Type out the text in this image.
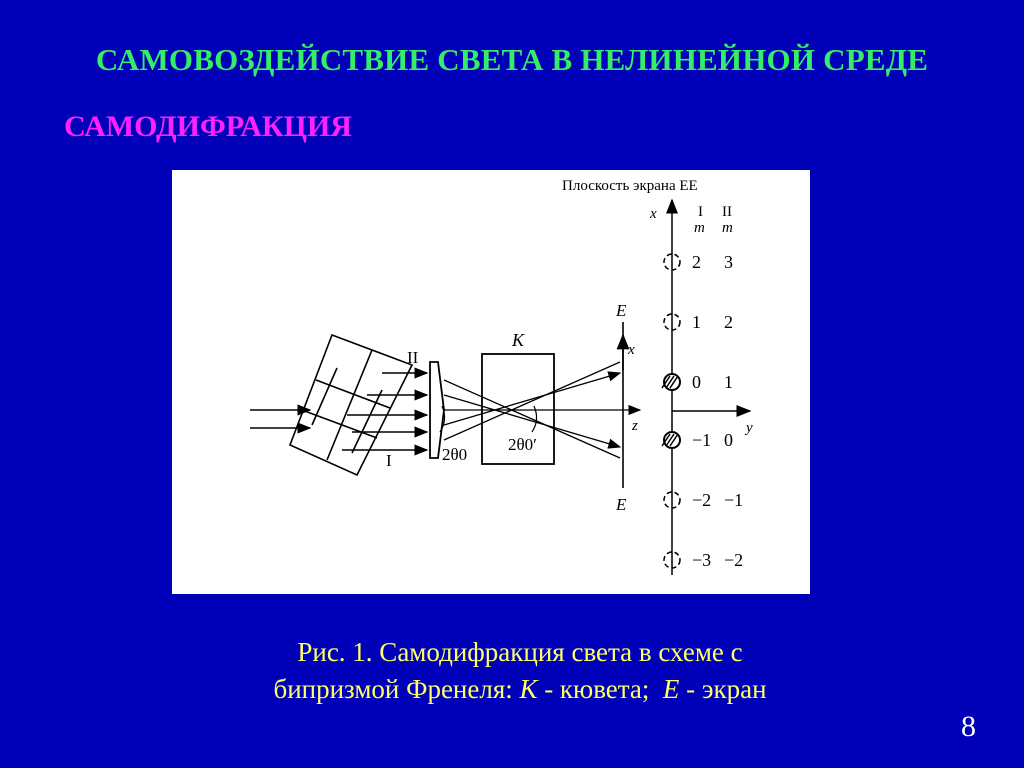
САМОВОЗДЕЙСТВИЕ СВЕТА В НЕЛИНЕЙНОЙ СРЕДЕ
САМОДИФРАКЦИЯ
II
I	2θ0
2θ0′
K
E
E
x
z
Плоскость экрана EE
x
y
I II
m m
2 3
1 2
0 1
−1 0
−2 −1
−3 −2
Рис. 1. Самодифракция света в схеме с
бипризмой Френеля: К - кювета;  Е - экран
8
